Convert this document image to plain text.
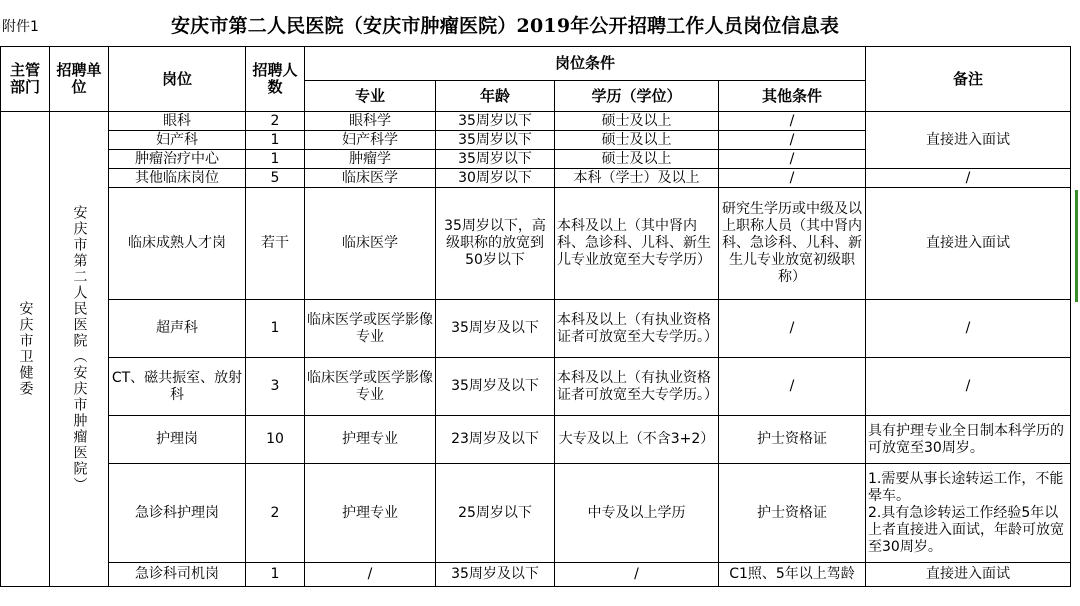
附件1	安庆市第二人民医院（安庆市肿瘤医院）2019年公开招聘工作人员岗位信息表
主管部门	招聘单位	岗位	招聘人数	岗位条件				备注
				专业	年龄	学历（学位）	其他条件	
安庆市卫健委	安庆市第二人民医院（安庆市肿瘤医院）	眼科	2	眼科学	35周岁以下	硕士及以上	/	直接进入面试
		妇产科	1	妇产科学	35周岁以下	硕士及以上	/	
		肿瘤治疗中心	1	肿瘤学	35周岁以下	硕士及以上	/	
		其他临床岗位	5	临床医学	30周岁以下	本科（学士）及以上	/	/
		临床成熟人才岗	若干	临床医学	35周岁以下，高级职称的放宽到50岁以下	本科及以上（其中肾内科、急诊科、儿科、新生儿专业放宽至大专学历）	研究生学历或中级及以上职称人员（其中肾内科、急诊科、儿科、新生儿专业放宽初级职称）	直接进入面试
		超声科	1	临床医学或医学影像专业	35周岁及以下	本科及以上（有执业资格证者可放宽至大专学历。）	/	/
		CT、磁共振室、放射科	3	临床医学或医学影像专业	35周岁及以下	本科及以上（有执业资格证者可放宽至大专学历。）	/	/
		护理岗	10	护理专业	23周岁及以下	大专及以上（不含3+2）	护士资格证	具有护理专业全日制本科学历的可放宽至30周岁。
		急诊科护理岗	2	护理专业	25周岁以下	中专及以上学历	护士资格证	1.需要从事长途转运工作，不能晕车。
2.具有急诊转运工作经验5年以上者直接进入面试，年龄可放宽至30周岁。
		急诊科司机岗	1	/	35周岁及以下	/	C1照、5年以上驾龄	直接进入面试
